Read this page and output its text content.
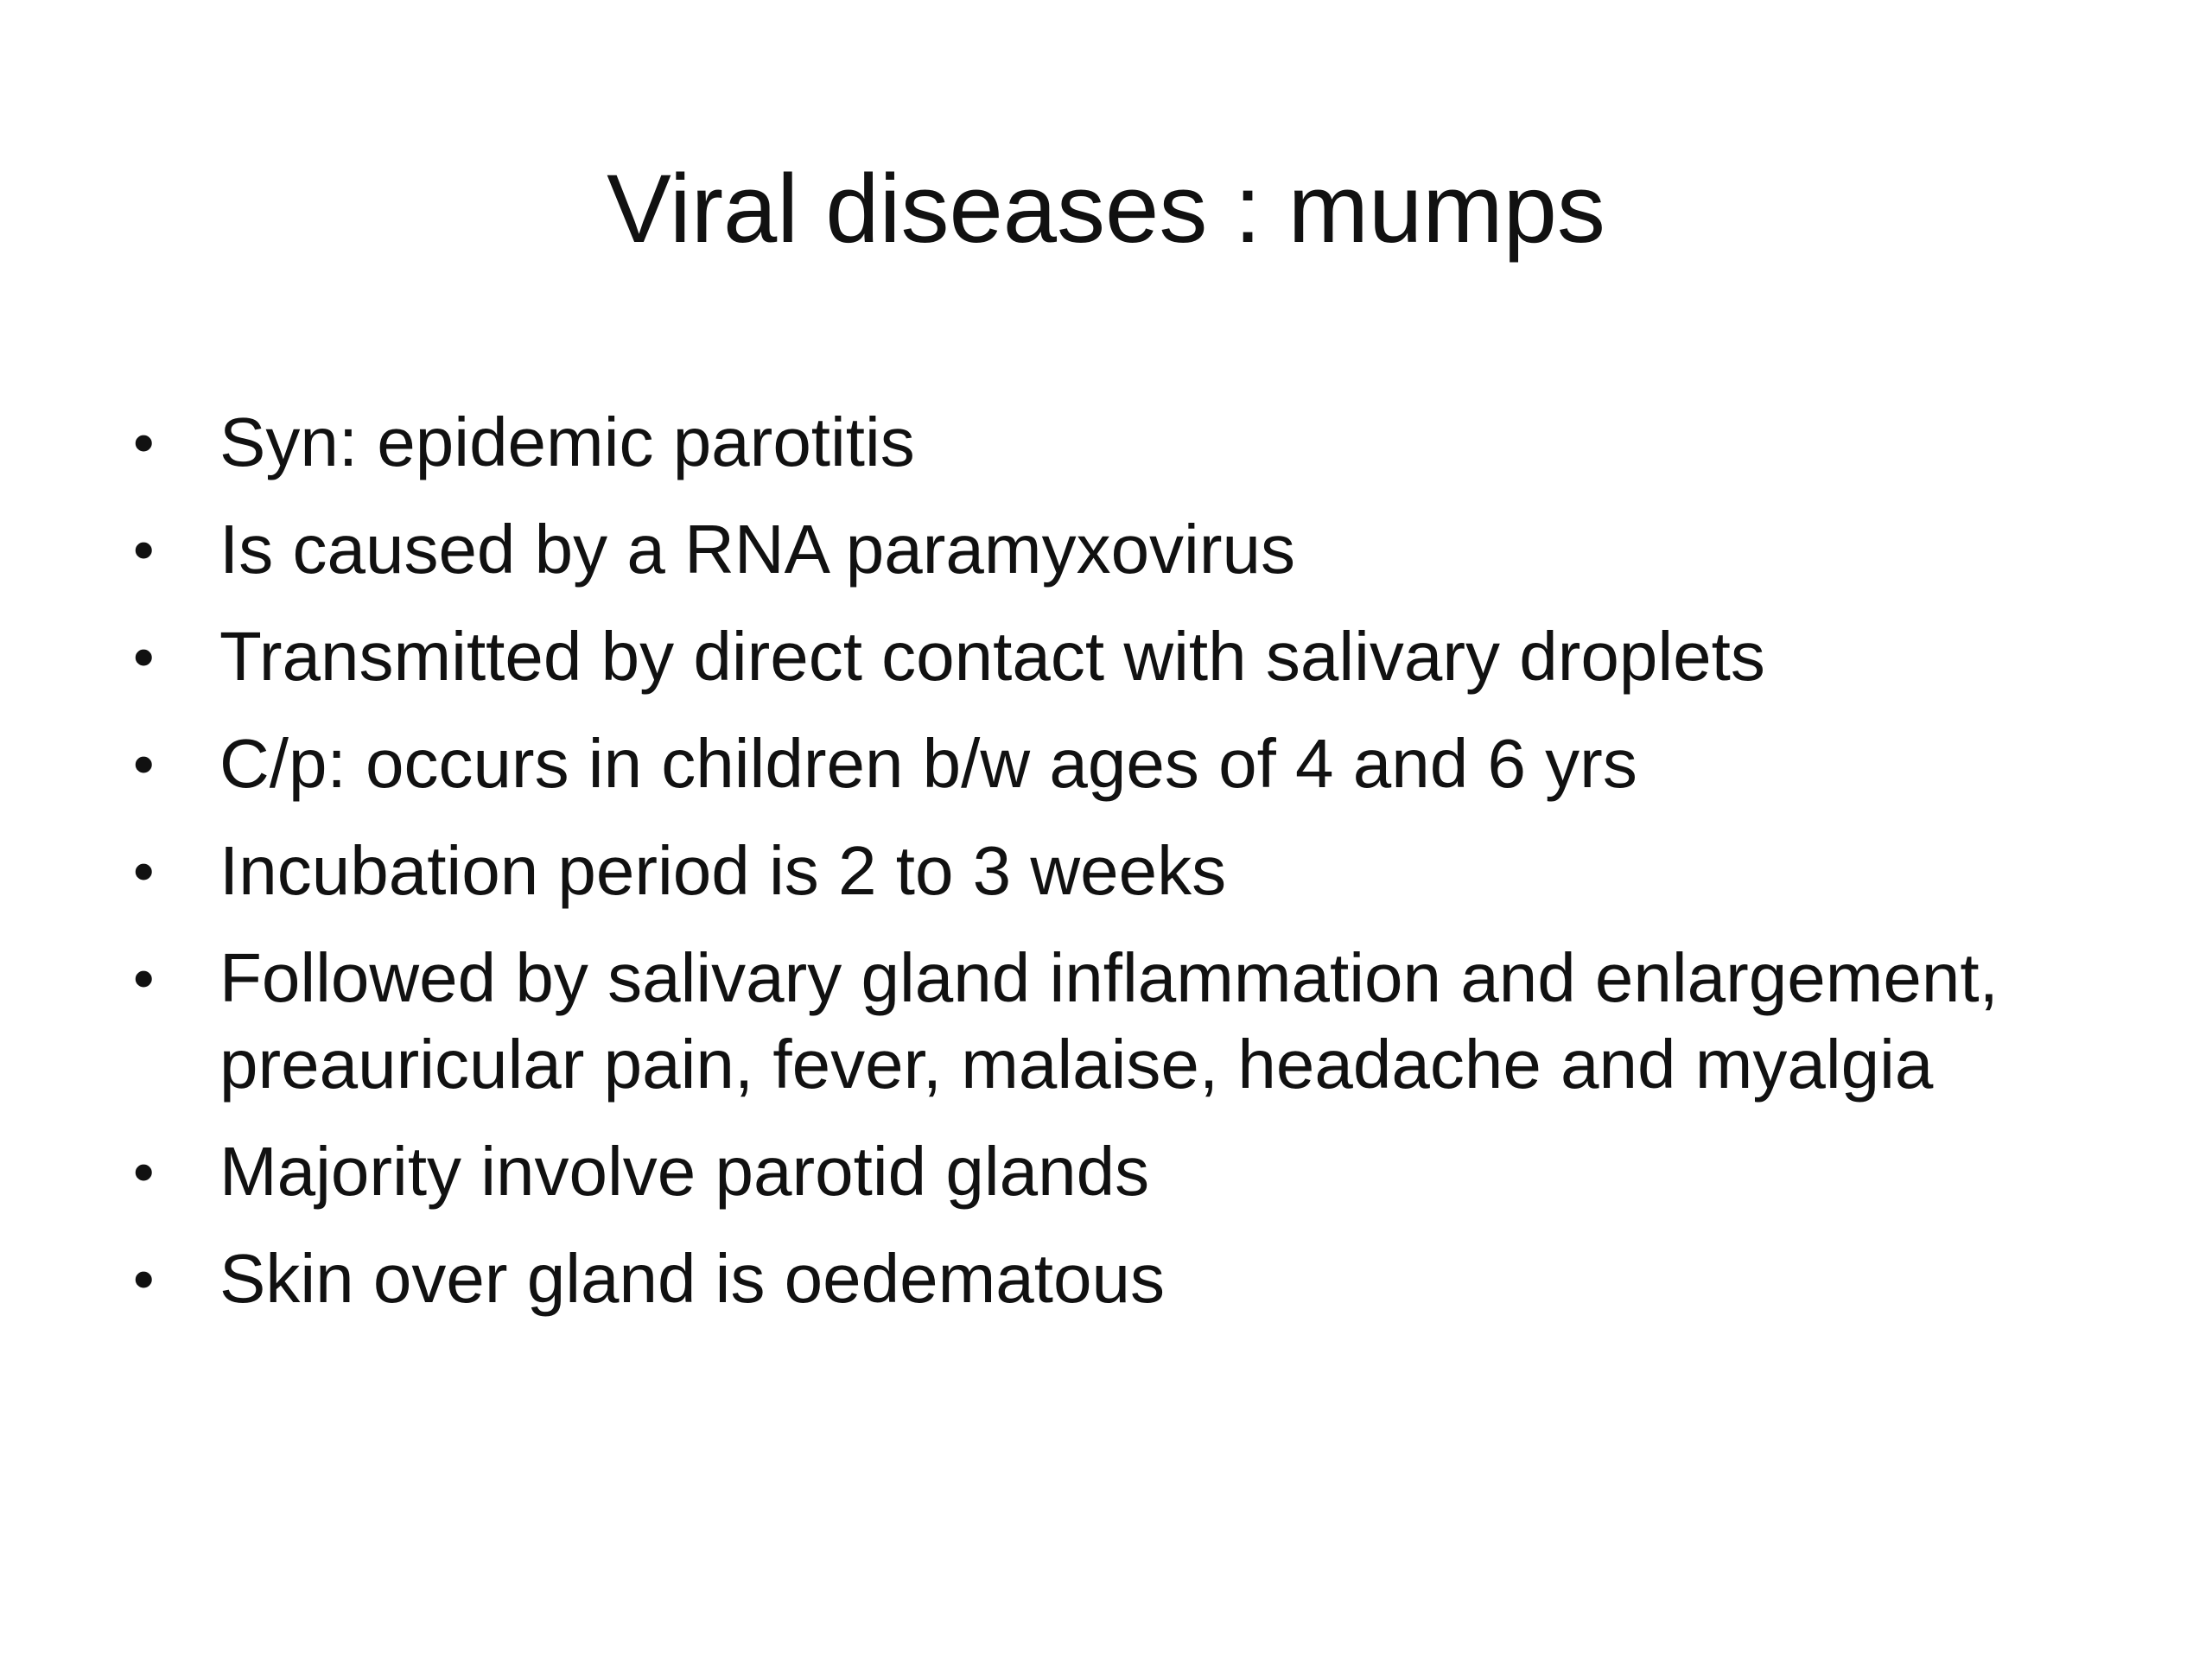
Viral diseases : mumps
• Syn: epidemic parotitis
• Is caused by a RNA paramyxovirus
• Transmitted by direct contact with salivary droplets
• C/p: occurs in children b/w ages of 4 and 6 yrs
• Incubation period is 2 to 3 weeks
• Followed by salivary gland inflammation and enlargement, preauricular pain, fever, malaise, headache and myalgia
• Majority involve parotid glands
• Skin over gland is oedematous
